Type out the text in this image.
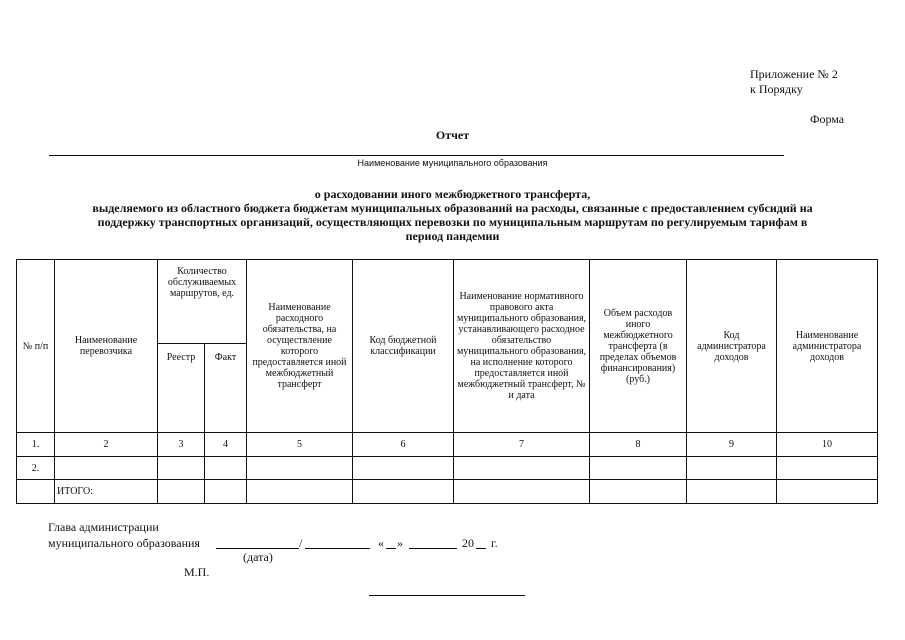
Приложение № 2
к Порядку
Форма
Отчет
Наименование муниципального образования
о расходовании иного межбюджетного трансферта,
выделяемого из областного бюджета бюджетам муниципальных образований на расходы, связанные с предоставлением субсидий на
поддержку транспортных организаций, осуществляющих перевозки по муниципальным маршрутам по регулируемым тарифам в
период пандемии
№ п/п	Наименование перевозчика	Количество обслуживаемых маршрутов, ед.		Наименование расходного обязательства, на осуществление которого предоставляется иной межбюджетный трансферт	Код бюджетной классификации	Наименование нормативного правового акта муниципального образования, устанавливающего расходное обязательство муниципального образования, на исполнение которого предоставляется иной межбюджетный трансферт, № и дата	Объем расходов иного межбюджетного трансферта (в пределах объемов финансирования) (руб.)	Код администратора доходов	Наименование администратора доходов
		Реестр	Факт						
1.	2	3	4	5	6	7	8	9	10
2.									
	ИТОГО:								
Глава администрации
муниципального образования	/	« »	20 г.
(дата)
М.П.
